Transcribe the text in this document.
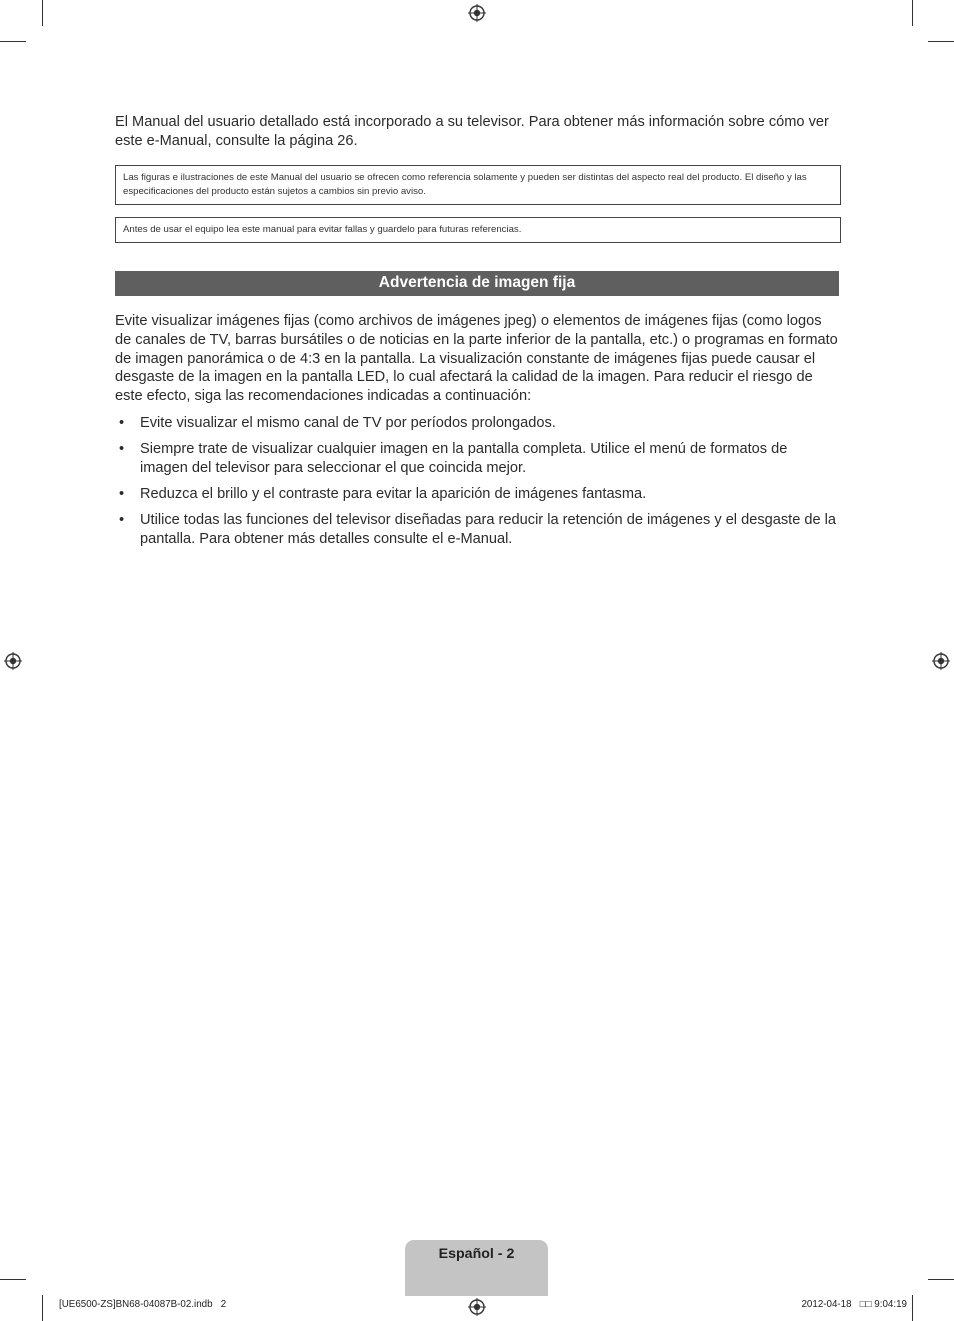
El Manual del usuario detallado está incorporado a su televisor. Para obtener más información sobre cómo ver este e-Manual, consulte la página 26.

Las figuras e ilustraciones de este Manual del usuario se ofrecen como referencia solamente y pueden ser distintas del aspecto real del producto. El diseño y las especificaciones del producto están sujetos a cambios sin previo aviso.
Antes de usar el equipo lea este manual para evitar fallas y guardelo para futuras referencias.
Advertencia de imagen fija

Evite visualizar imágenes fijas (como archivos de imágenes jpeg) o elementos de imágenes fijas (como logos de canales de TV, barras bursátiles o de noticias en la parte inferior de la pantalla, etc.) o programas en formato de imagen panorámica o de 4:3 en la pantalla. La visualización constante de imágenes fijas puede causar el desgaste de la imagen en la pantalla LED, lo cual afectará la calidad de la imagen. Para reducir el riesgo de este efecto, siga las recomendaciones indicadas a continuación:

• Evite visualizar el mismo canal de TV por períodos prolongados.
• Siempre trate de visualizar cualquier imagen en la pantalla completa. Utilice el menú de formatos de imagen del televisor para seleccionar el que coincida mejor.
• Reduzca el brillo y el contraste para evitar la aparición de imágenes fantasma.
• Utilice todas las funciones del televisor diseñadas para reducir la retención de imágenes y el desgaste de la pantalla. Para obtener más detalles consulte el e-Manual.
Español - 2
[UE6500-ZS]BN68-04087B-02.indb   2	2012-04-18   □□ 9:04:19
